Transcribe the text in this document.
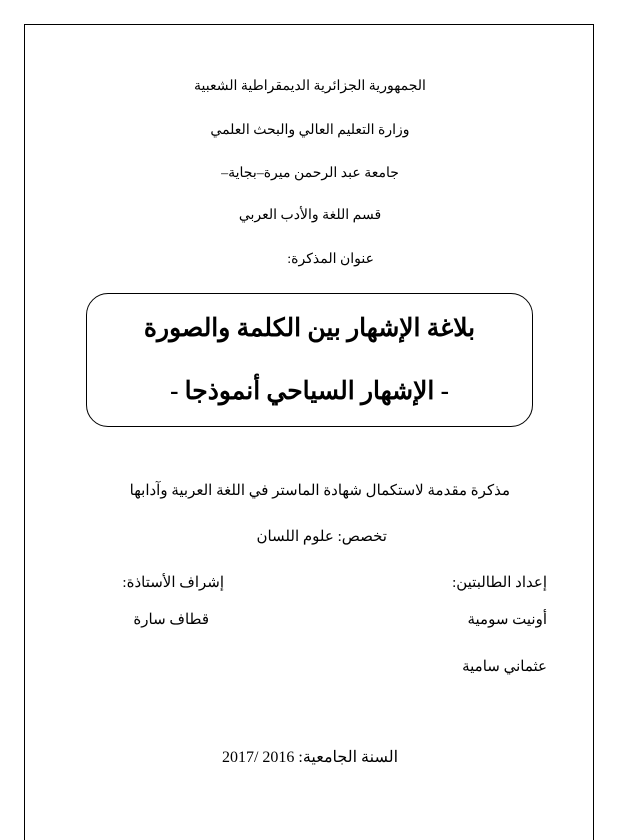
الجمهورية الجزائرية الديمقراطية الشعبية
وزارة التعليم العالي والبحث العلمي
جامعة عبد الرحمن ميرة–بجاية–
قسم اللغة والأدب العربي
عنوان المذكرة:
بلاغة الإشهار بين الكلمة والصورة
- الإشهار السياحي أنموذجا -
مذكرة مقدمة لاستكمال شهادة الماستر في اللغة العربية وآدابها
تخصص: علوم اللسان
إعداد الطالبتين:
إشراف الأستاذة:
أونيت سومية
قطاف سارة
عثماني سامية
السنة الجامعية: 2016 /2017
